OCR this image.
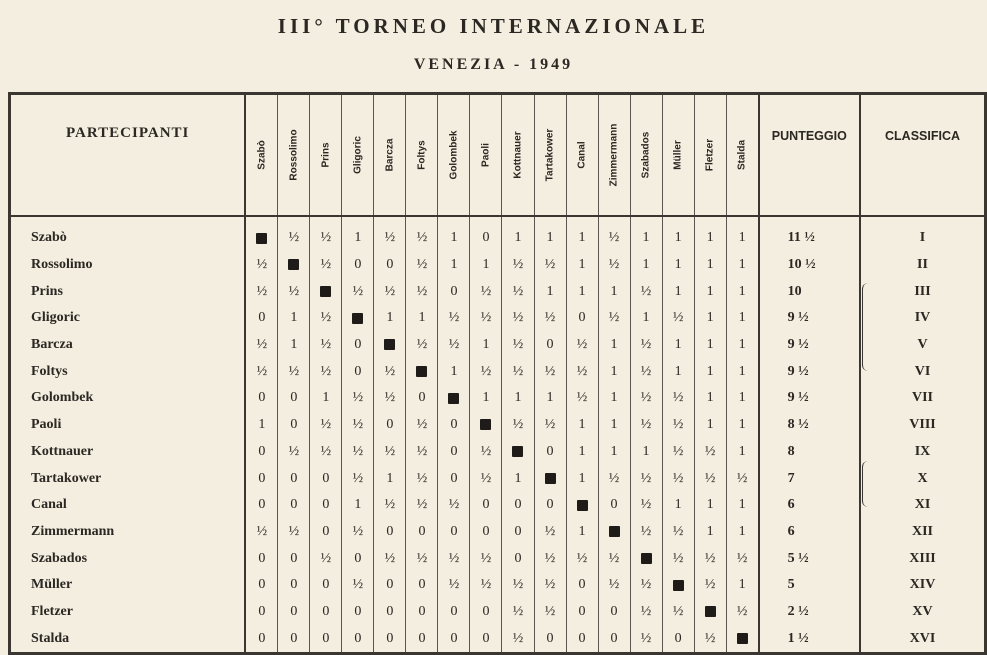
III° TORNEO INTERNAZIONALE
VENEZIA - 1949
PARTECIPANTI	Szabò	Rossolimo	Prins	Gligoric	Barcza	Foltys	Golombek	Paoli	Kottnauer	Tartakower	Canal	Zimmermann	Szabados	Müller	Fletzer	Stalda	PUNTEGGIO	CLASSIFICA
Szabò		½	½	1	½	½	1	0	1	1	1	½	1	1	1	1	11 ½	I
Rossolimo	½		½	0	0	½	1	1	½	½	1	½	1	1	1	1	10 ½	II
Prins	½	½		½	½	½	0	½	½	1	1	1	½	1	1	1	10	III
Gligoric	0	1	½		1	1	½	½	½	½	0	½	1	½	1	1	9 ½	IV
Barcza	½	1	½	0		½	½	1	½	0	½	1	½	1	1	1	9 ½	V
Foltys	½	½	½	0	½		1	½	½	½	½	1	½	1	1	1	9 ½	VI
Golombek	0	0	1	½	½	0		1	1	1	½	1	½	½	1	1	9 ½	VII
Paoli	1	0	½	½	0	½	0		½	½	1	1	½	½	1	1	8 ½	VIII
Kottnauer	0	½	½	½	½	½	0	½		0	1	1	1	½	½	1	8	IX
Tartakower	0	0	0	½	1	½	0	½	1		1	½	½	½	½	½	7	X
Canal	0	0	0	1	½	½	½	0	0	0		0	½	1	1	1	6	XI
Zimmermann	½	½	0	½	0	0	0	0	0	½	1		½	½	1	1	6	XII
Szabados	0	0	½	0	½	½	½	½	0	½	½	½		½	½	½	5 ½	XIII
Müller	0	0	0	½	0	0	½	½	½	½	0	½	½		½	1	5	XIV
Fletzer	0	0	0	0	0	0	0	0	½	½	0	0	½	½		½	2 ½	XV
Stalda	0	0	0	0	0	0	0	0	½	0	0	0	½	0	½		1 ½	XVI
